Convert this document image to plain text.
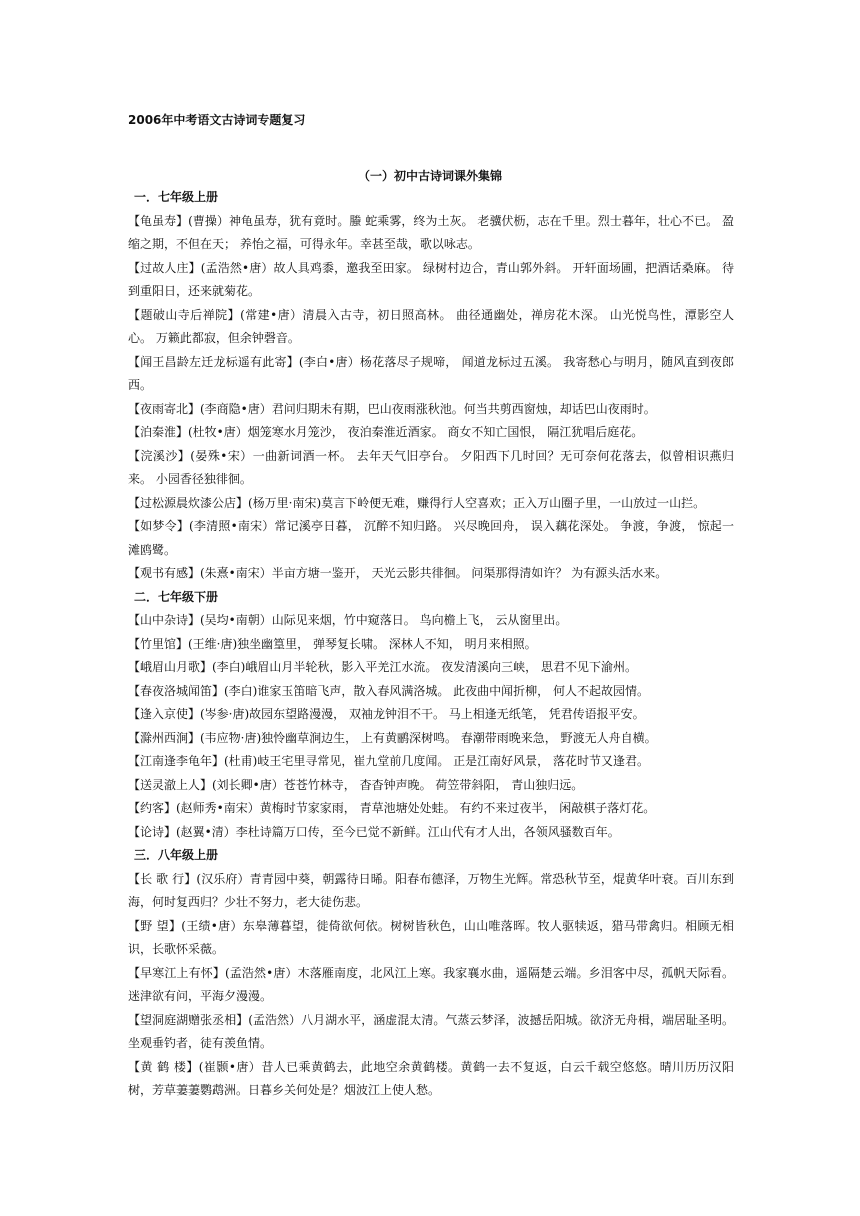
2006年中考语文古诗词专题复习
（一）初中古诗词课外集锦
一．七年级上册

【龟虽寿】(曹操）神龟虽寿，犹有竟时。螣 蛇乘雾，终为土灰。 老骥伏枥，志在千里。烈士暮年，壮心不已。 盈缩之期，不但在天； 养怡之福，可得永年。幸甚至哉，歌以咏志。

【过故人庄】(孟浩然•唐）故人具鸡黍，邀我至田家。 绿树村边合，青山郭外斜。 开轩面场圃，把酒话桑麻。 待到重阳日，还来就菊花。

【题破山寺后禅院】(常建•唐）清晨入古寺，初日照高林。 曲径通幽处，禅房花木深。 山光悦鸟性，潭影空人心。 万籁此都寂，但余钟磬音。

【闻王昌龄左迁龙标遥有此寄】(李白•唐）杨花落尽子规啼， 闻道龙标过五溪。 我寄愁心与明月，随风直到夜郎西。

【夜雨寄北】(李商隐•唐）君问归期未有期，巴山夜雨涨秋池。何当共剪西窗烛，却话巴山夜雨时。

【泊秦淮】(杜牧•唐）烟笼寒水月笼沙， 夜泊秦淮近酒家。 商女不知亡国恨， 隔江犹唱后庭花。

【浣溪沙】(晏殊•宋）一曲新词酒一杯。 去年天气旧亭台。 夕阳西下几时回？无可奈何花落去，似曾相识燕归来。 小园香径独徘徊。

【过松源晨炊漆公店】(杨万里·南宋)莫言下岭便无难，赚得行人空喜欢；正入万山圈子里，一山放过一山拦。

【如梦令】(李清照•南宋）常记溪亭日暮， 沉醉不知归路。 兴尽晚回舟， 误入藕花深处。 争渡，争渡， 惊起一滩鸥鹭。

【观书有感】(朱熹•南宋）半亩方塘一鉴开， 天光云影共徘徊。 问渠那得清如许？ 为有源头活水来。

二．七年级下册

【山中杂诗】(吴均•南朝）山际见来烟，竹中窥落日。 鸟向檐上飞， 云从窗里出。

【竹里馆】(王维·唐)独坐幽篁里， 弹琴复长啸。 深林人不知， 明月来相照。

【峨眉山月歌】(李白)峨眉山月半轮秋，影入平羌江水流。 夜发清溪向三峡， 思君不见下渝州。

【春夜洛城闻笛】(李白)谁家玉笛暗飞声，散入春风满洛城。 此夜曲中闻折柳， 何人不起故园情。

【逢入京使】(岑参·唐)故园东望路漫漫， 双袖龙钟泪不干。 马上相逢无纸笔， 凭君传语报平安。

【滁州西涧】(韦应物·唐)独怜幽草涧边生， 上有黄鹂深树鸣。 春潮带雨晚来急， 野渡无人舟自横。

【江南逢李龟年】(杜甫)岐王宅里寻常见，崔九堂前几度闻。 正是江南好风景， 落花时节又逢君。

【送灵澈上人】(刘长卿•唐）苍苍竹林寺， 杳杳钟声晚。 荷笠带斜阳， 青山独归远。

【约客】(赵师秀•南宋）黄梅时节家家雨， 青草池塘处处蛙。 有约不来过夜半， 闲敲棋子落灯花。

【论诗】(赵翼•清）李杜诗篇万口传，至今已觉不新鲜。江山代有才人出，各领风骚数百年。

三．八年级上册

【长 歌 行】(汉乐府）青青园中葵，朝露待日晞。阳春布德泽，万物生光辉。常恐秋节至，焜黄华叶衰。百川东到海，何时复西归？少壮不努力，老大徒伤悲。

【野 望】(王绩•唐）东皋薄暮望，徙倚欲何依。树树皆秋色，山山唯落晖。牧人驱犊返，猎马带禽归。相顾无相识，长歌怀采薇。

【早寒江上有怀】(孟浩然•唐）木落雁南度，北风江上寒。我家襄水曲，遥隔楚云端。乡泪客中尽，孤帆天际看。迷津欲有问，平海夕漫漫。

【望洞庭湖赠张丞相】(孟浩然）八月湖水平，涵虚混太清。气蒸云梦泽，波撼岳阳城。欲济无舟楫，端居耻圣明。坐观垂钓者，徒有羡鱼情。

【黄 鹤 楼】(崔颢•唐）昔人已乘黄鹤去，此地空余黄鹤楼。黄鹤一去不复返，白云千载空悠悠。晴川历历汉阳树，芳草萋萋鹦鹉洲。日暮乡关何处是？烟波江上使人愁。
